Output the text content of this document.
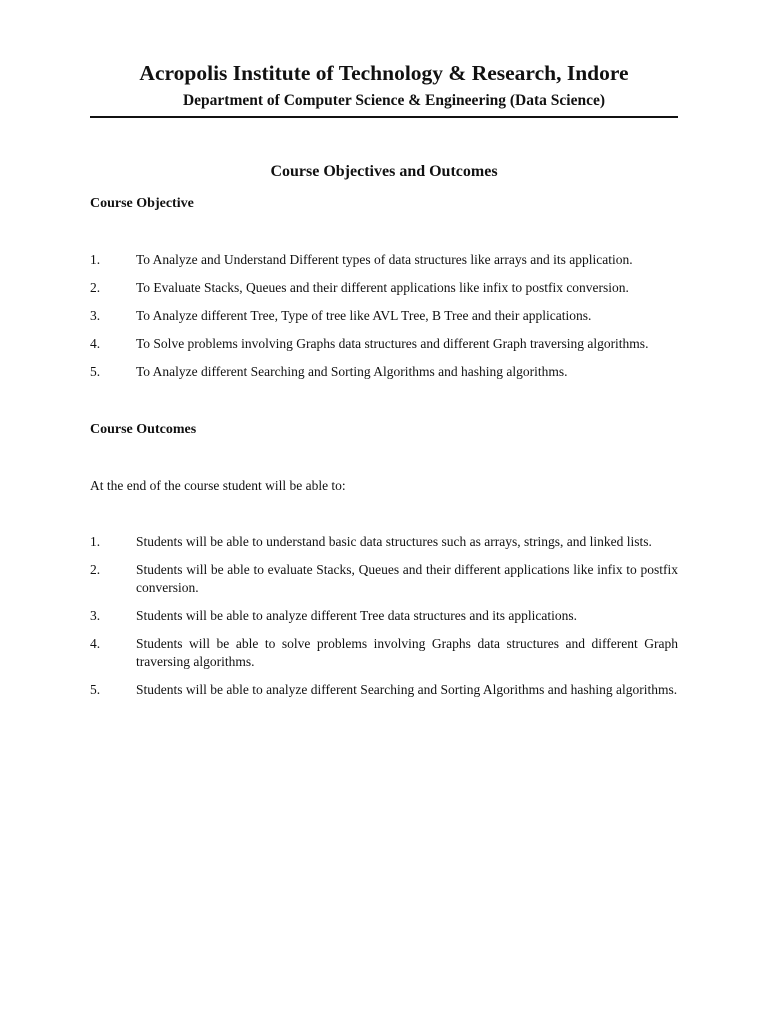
Acropolis Institute of Technology & Research, Indore
Department of Computer Science & Engineering (Data Science)
Course Objectives and Outcomes
Course Objective
1.	To Analyze and Understand Different types of data structures like arrays and its application.
2.	To Evaluate Stacks, Queues and their different applications like infix to postfix conversion.
3.	To Analyze different Tree, Type of tree like AVL Tree, B Tree and their applications.
4.	To Solve problems involving Graphs data structures and different Graph traversing algorithms.
5.	To Analyze different Searching and Sorting Algorithms and hashing algorithms.
Course Outcomes
At the end of the course student will be able to:
1.	Students will be able to understand basic data structures such as arrays, strings, and linked lists.
2.	Students will be able to evaluate Stacks, Queues and their different applications like infix to postfix conversion.
3.	Students will be able to analyze different Tree data structures and its applications.
4.	Students will be able to solve problems involving Graphs data structures and different Graph traversing algorithms.
5.	Students will be able to analyze different Searching and Sorting Algorithms and hashing algorithms.
